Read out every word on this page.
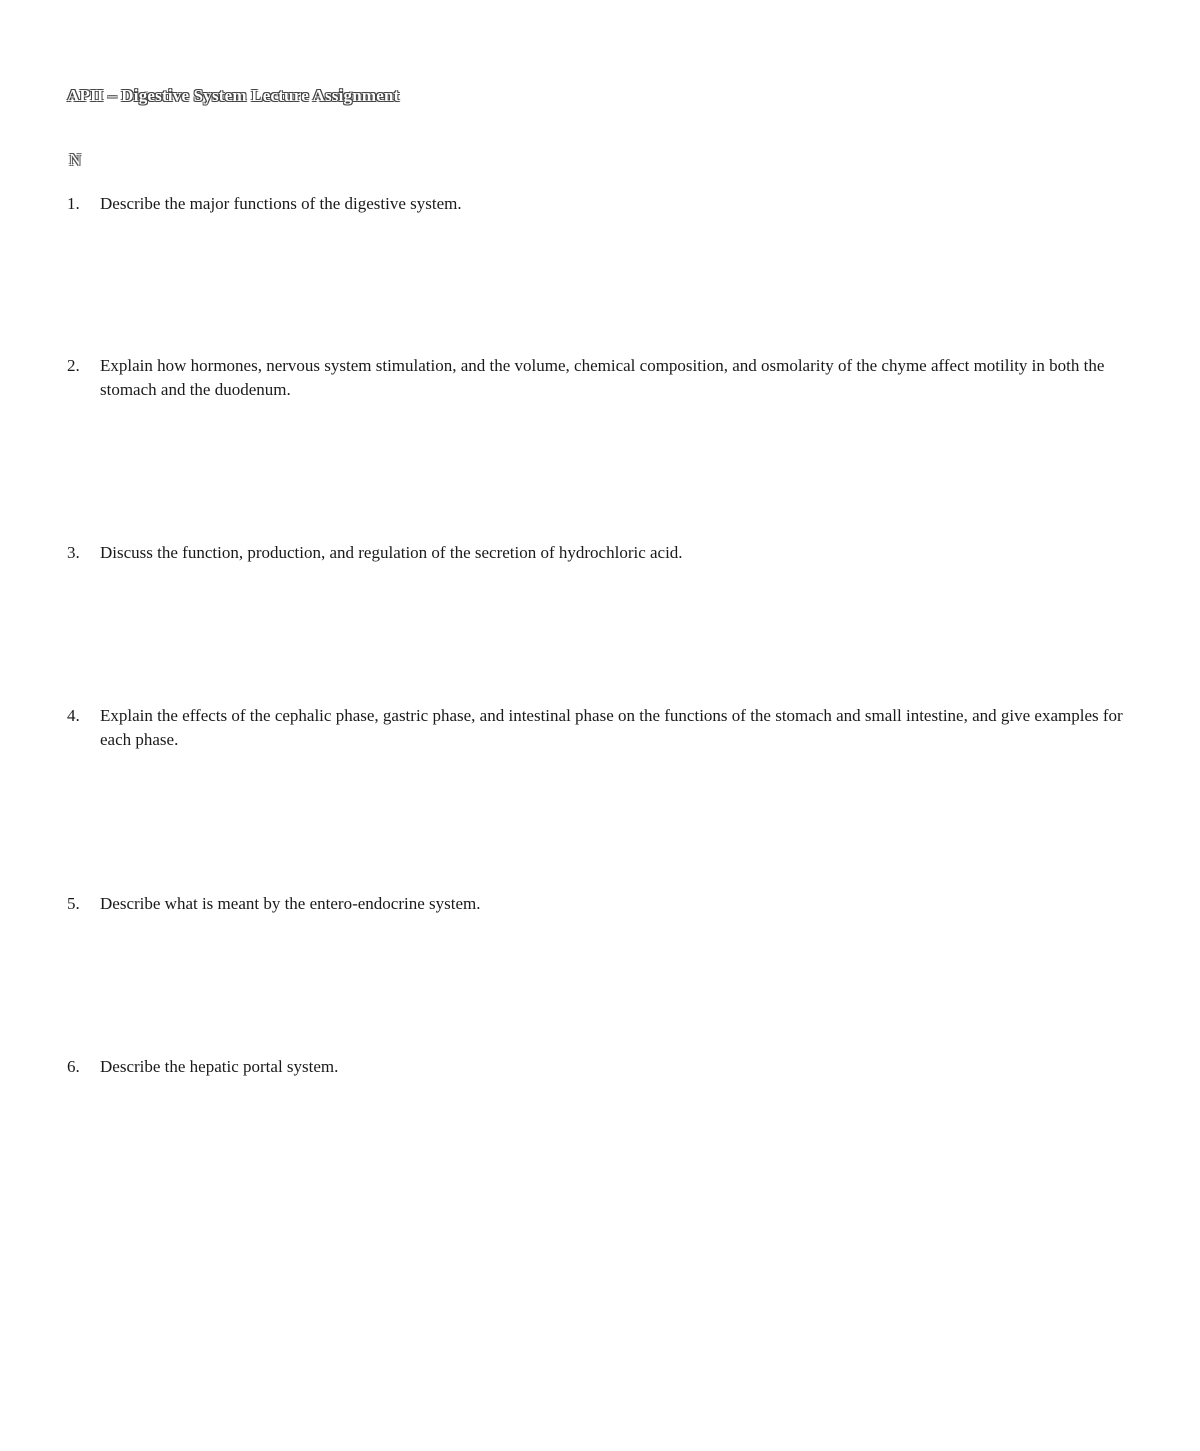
APII – Digestive System Lecture Assignment
N
1.	Describe the major functions of the digestive system.
2.	Explain how hormones, nervous system stimulation, and the volume, chemical composition, and osmolarity of the chyme affect motility in both the stomach and the duodenum.
3.	Discuss the function, production, and regulation of the secretion of hydrochloric acid.
4.	Explain the effects of the cephalic phase, gastric phase, and intestinal phase on the functions of the stomach and small intestine, and give examples for each phase.
5.	Describe what is meant by the entero-endocrine system.
6.	Describe the hepatic portal system.
